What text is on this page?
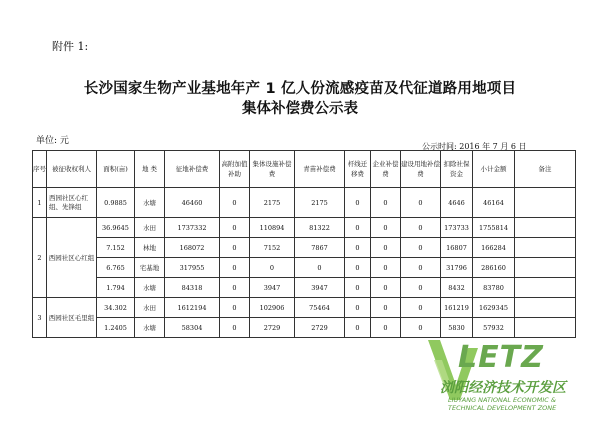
附件 1:
长沙国家生物产业基地年产 1 亿人份流感疫苗及代征道路用地项目
集体补偿费公示表
单位: 元
公示时间: 2016 年 7 月 6 日
序号	被征收权利人	面积(亩)	地 类	征地补偿费	高附加值补助	集体设施补偿费	青苗补偿费	杆线迁移费	企业补偿费	建设用地补偿费	扣除社保资金	小计金额	备注
1	西园社区心红组、先锋组	0.9885	水塘	46460	0	2175	2175	0	0	0	4646	46164	
2	西园社区心红组	36.9645	水田	1737332	0	110894	81322	0	0	0	173733	1755814	
		7.152	林地	168072	0	7152	7867	0	0	0	16807	166284	
		6.765	宅基地	317955	0	0	0	0	0	0	31796	286160	
		1.794	水塘	84318	0	3947	3947	0	0	0	8432	83780	
3	西园社区毛里组	34.302	水田	1612194	0	102906	75464	0	0	0	161219	1629345	
		1.2405	水塘	58304	0	2729	2729	0	0	0	5830	57932	
LETZ
浏阳经济技术开发区
LIUYANG NATIONAL ECONOMIC &
TECHNICAL DEVELOPMENT ZONE
